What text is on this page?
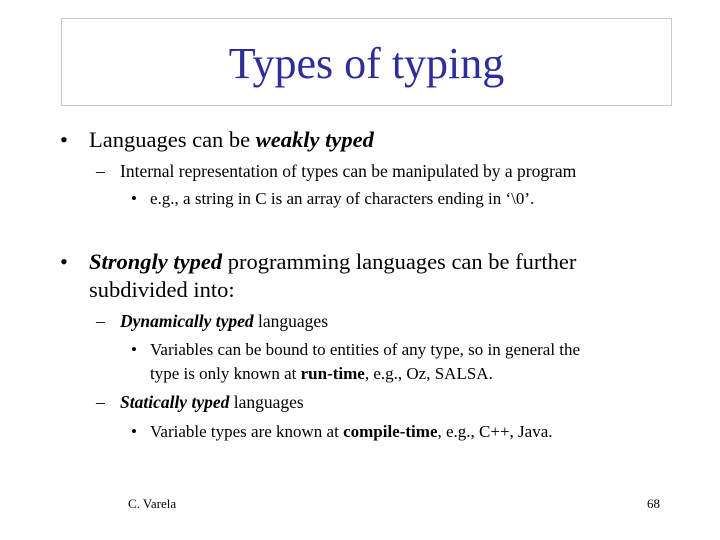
Types of typing
• Languages can be weakly typed
– Internal representation of types can be manipulated by a program
• e.g., a string in C is an array of characters ending in ‘\0’.
• Strongly typed programming languages can be further
subdivided into:
– Dynamically typed languages
• Variables can be bound to entities of any type, so in general the
type is only known at run-time, e.g., Oz, SALSA.
– Statically typed languages
• Variable types are known at compile-time, e.g., C++, Java.
C. Varela	68
